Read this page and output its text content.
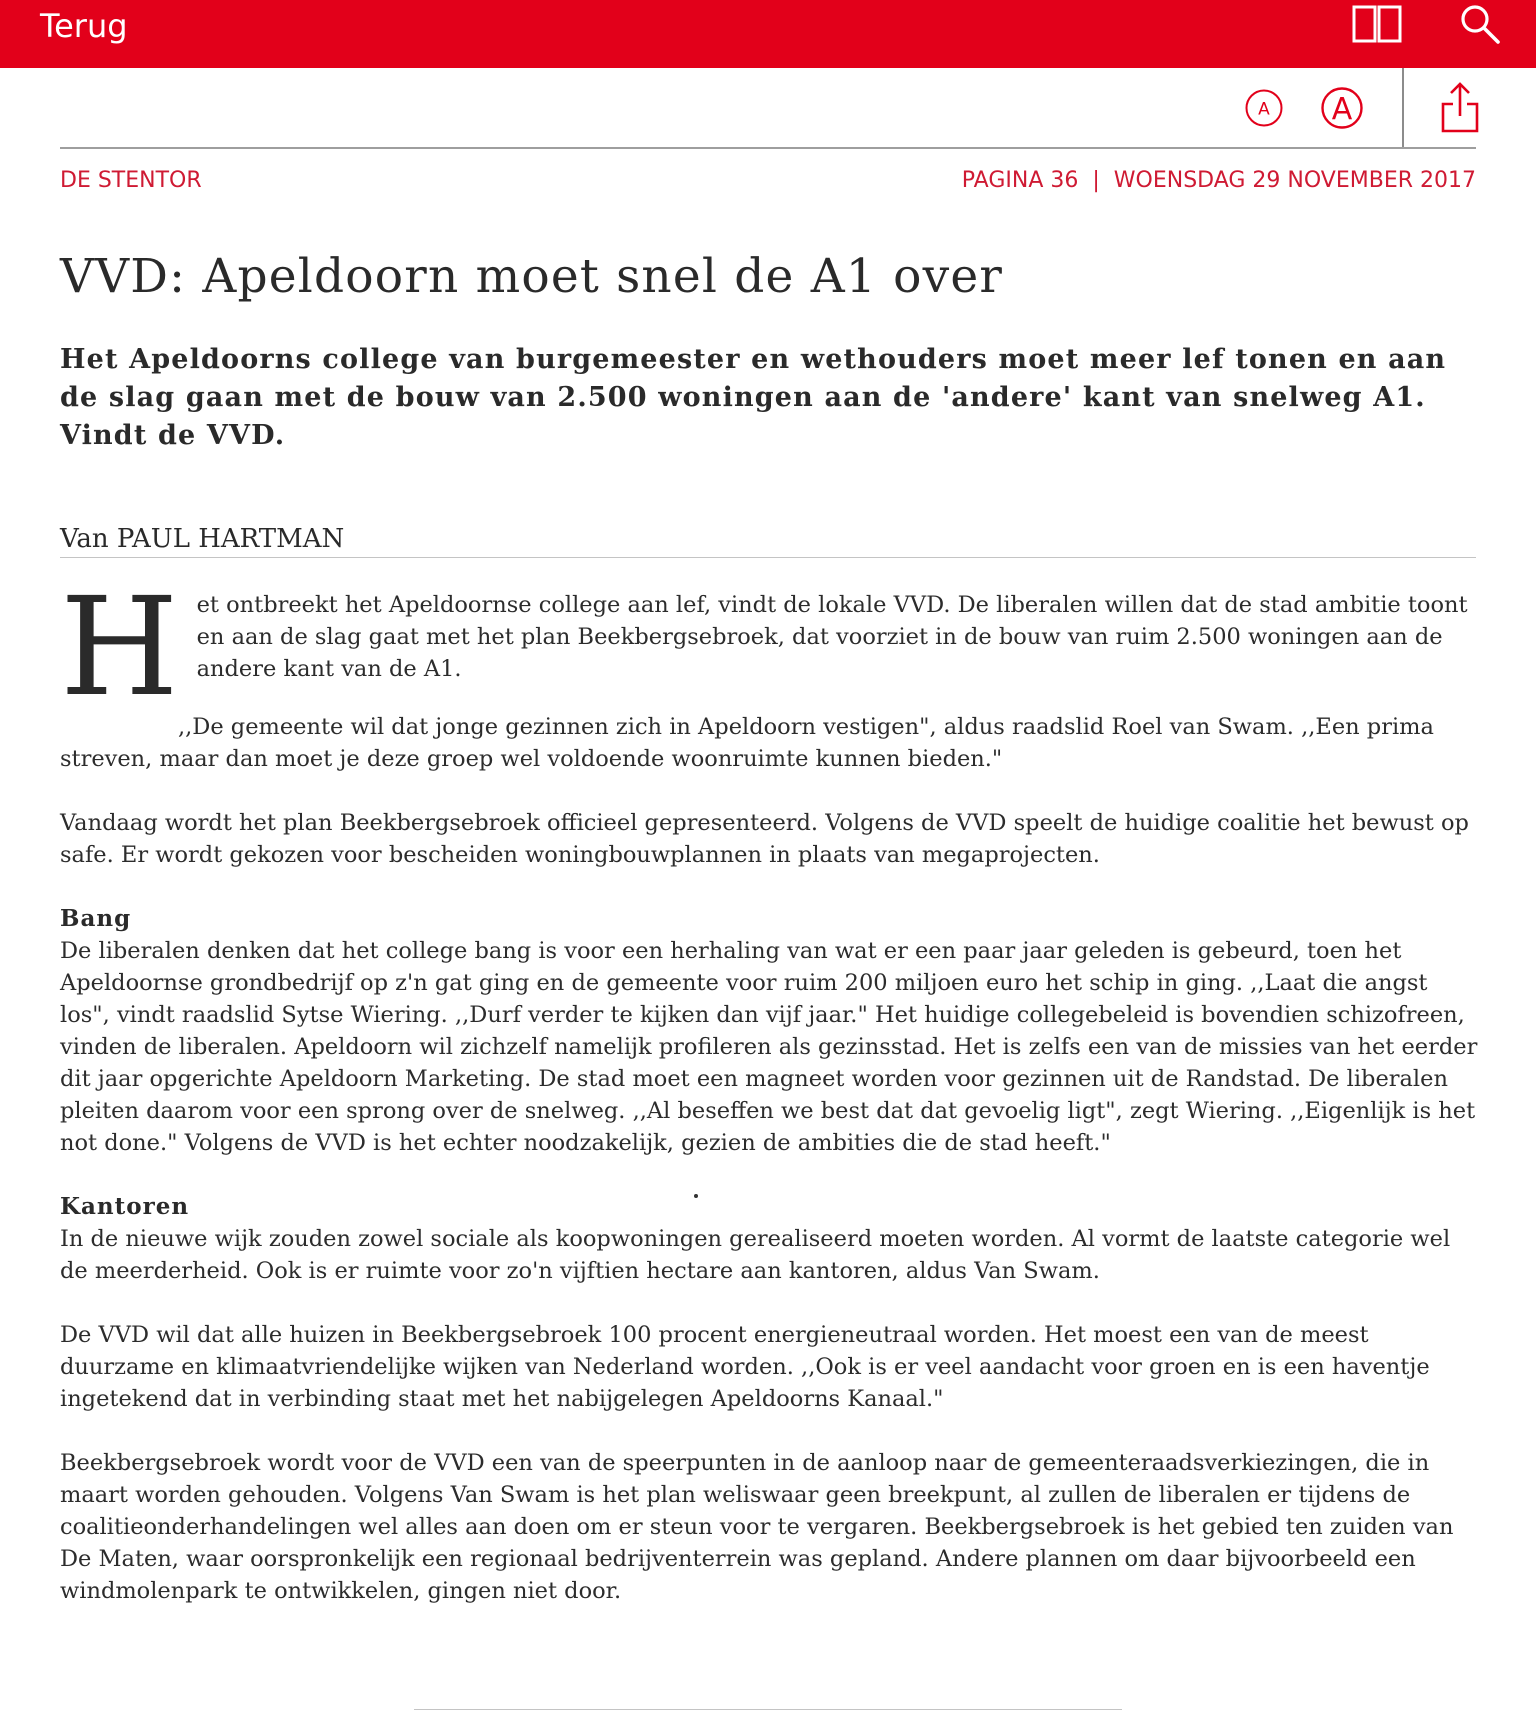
Terug
A A
DE STENTOR	PAGINA 36 | WOENSDAG 29 NOVEMBER 2017
VVD: Apeldoorn moet snel de A1 over
Het Apeldoorns college van burgemeester en wethouders moet meer lef tonen en aan de slag gaan met de bouw van 2.500 woningen aan de 'andere' kant van snelweg A1. Vindt de VVD.
Van PAUL HARTMAN

Het ontbreekt het Apeldoornse college aan lef, vindt de lokale VVD. De liberalen willen dat de stad ambitie toont en aan de slag gaat met het plan Beekbergsebroek, dat voorziet in de bouw van ruim 2.500 woningen aan de andere kant van de A1.

,,De gemeente wil dat jonge gezinnen zich in Apeldoorn vestigen", aldus raadslid Roel van Swam. ,,Een prima streven, maar dan moet je deze groep wel voldoende woonruimte kunnen bieden."

Vandaag wordt het plan Beekbergsebroek officieel gepresenteerd. Volgens de VVD speelt de huidige coalitie het bewust op safe. Er wordt gekozen voor bescheiden woningbouwplannen in plaats van megaprojecten.

Bang

De liberalen denken dat het college bang is voor een herhaling van wat er een paar jaar geleden is gebeurd, toen het Apeldoornse grondbedrijf op z'n gat ging en de gemeente voor ruim 200 miljoen euro het schip in ging. ,,Laat die angst los", vindt raadslid Sytse Wiering. ,,Durf verder te kijken dan vijf jaar." Het huidige collegebeleid is bovendien schizofreen, vinden de liberalen. Apeldoorn wil zichzelf namelijk profileren als gezinsstad. Het is zelfs een van de missies van het eerder dit jaar opgerichte Apeldoorn Marketing. De stad moet een magneet worden voor gezinnen uit de Randstad. De liberalen pleiten daarom voor een sprong over de snelweg. ,,Al beseffen we best dat dat gevoelig ligt", zegt Wiering. ,,Eigenlijk is het not done." Volgens de VVD is het echter noodzakelijk, gezien de ambities die de stad heeft."

Kantoren

In de nieuwe wijk zouden zowel sociale als koopwoningen gerealiseerd moeten worden. Al vormt de laatste categorie wel de meerderheid. Ook is er ruimte voor zo'n vijftien hectare aan kantoren, aldus Van Swam.

De VVD wil dat alle huizen in Beekbergsebroek 100 procent energieneutraal worden. Het moest een van de meest duurzame en klimaatvriendelijke wijken van Nederland worden. ,,Ook is er veel aandacht voor groen en is een haventje ingetekend dat in verbinding staat met het nabijgelegen Apeldoorns Kanaal."

Beekbergsebroek wordt voor de VVD een van de speerpunten in de aanloop naar de gemeenteraadsverkiezingen, die in maart worden gehouden. Volgens Van Swam is het plan weliswaar geen breekpunt, al zullen de liberalen er tijdens de coalitieonderhandelingen wel alles aan doen om er steun voor te vergaren. Beekbergsebroek is het gebied ten zuiden van De Maten, waar oorspronkelijk een regionaal bedrijventerrein was gepland. Andere plannen om daar bijvoorbeeld een windmolenpark te ontwikkelen, gingen niet door.
